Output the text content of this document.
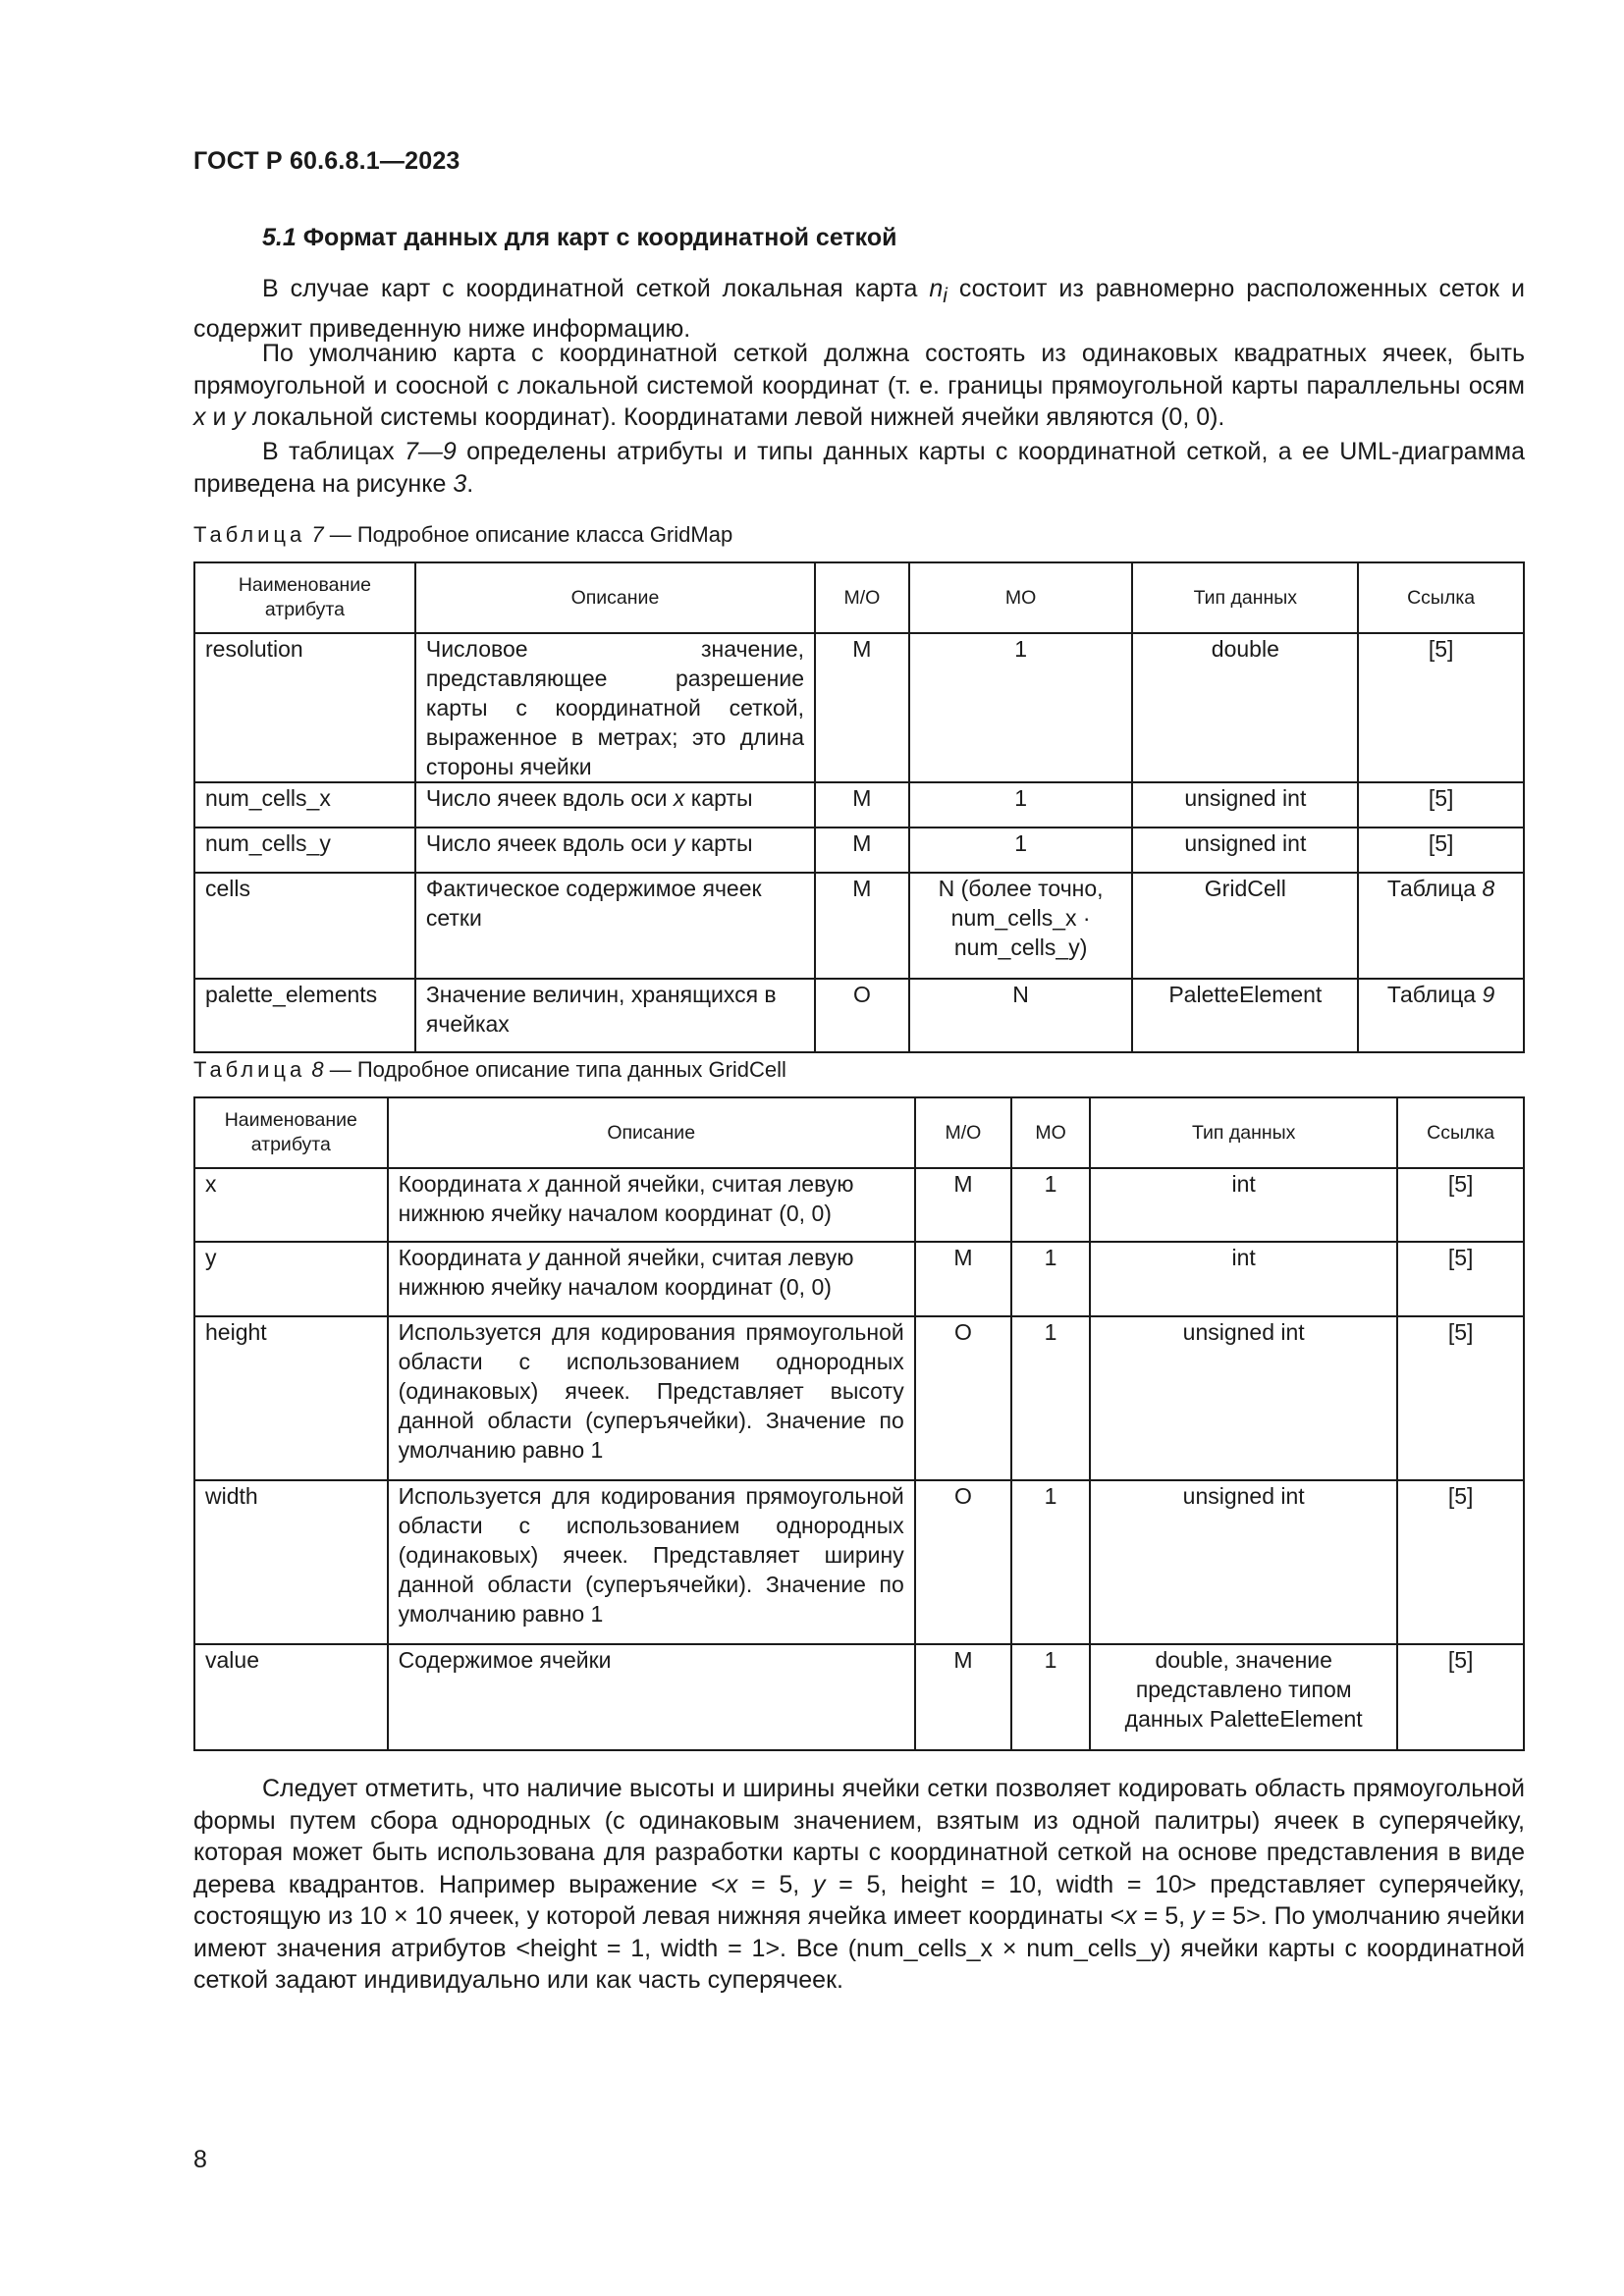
ГОСТ Р 60.6.8.1—2023
5.1 Формат данных для карт с координатной сеткой

В случае карт с координатной сеткой локальная карта $n_i$ состоит из равномерно расположенных сеток и содержит приведенную ниже информацию.

По умолчанию карта с координатной сеткой должна состоять из одинаковых квадратных ячеек, быть прямоугольной и соосной с локальной системой координат (т. е. границы прямоугольной карты параллельны осям x и y локальной системы координат). Координатами левой нижней ячейки являются (0, 0).

В таблицах 7—9 определены атрибуты и типы данных карты с координатной сеткой, а ее UML-диаграмма приведена на рисунке 3.

Таблица 7 — Подробное описание класса GridMap
Наименование атрибута	Описание	М/О	МО	Тип данных	Ссылка
resolution	Числовое значение, представляющее разрешение карты с координатной сеткой, выраженное в метрах; это длина стороны ячейки	M	1	double	[5]
num_cells_x	Число ячеек вдоль оси x карты	M	1	unsigned int	[5]
num_cells_y	Число ячеек вдоль оси y карты	M	1	unsigned int	[5]
cells	Фактическое содержимое ячеек сетки	M	N (более точно, num_cells_x · num_cells_y)	GridCell	Таблица 8
palette_elements	Значение величин, хранящихся в ячейках	O	N	PaletteElement	Таблица 9
Таблица 8 — Подробное описание типа данных GridCell
Наименование атрибута	Описание	М/О	МО	Тип данных	Ссылка
x	Координата x данной ячейки, считая левую нижнюю ячейку началом координат (0, 0)	M	1	int	[5]
y	Координата y данной ячейки, считая левую нижнюю ячейку началом координат (0, 0)	M	1	int	[5]
height	Используется для кодирования прямоугольной области с использованием однородных (одинаковых) ячеек. Представляет высоту данной области (суперъячейки). Значение по умолчанию равно 1	O	1	unsigned int	[5]
width	Используется для кодирования прямоугольной области с использованием однородных (одинаковых) ячеек. Представляет ширину данной области (суперъячейки). Значение по умолчанию равно 1	O	1	unsigned int	[5]
value	Содержимое ячейки	M	1	double, значение представлено типом данных PaletteElement	[5]

Следует отметить, что наличие высоты и ширины ячейки сетки позволяет кодировать область прямоугольной формы путем сбора однородных (с одинаковым значением, взятым из одной палитры) ячеек в суперячейку, которая может быть использована для разработки карты с координатной сеткой на основе представления в виде дерева квадрантов. Например выражение <x = 5, y = 5, height = 10, width = 10> представляет суперячейку, состоящую из 10 × 10 ячеек, у которой левая нижняя ячейка имеет координаты <x = 5, y = 5>. По умолчанию ячейки имеют значения атрибутов <height = 1, width = 1>. Все (num_cells_x × num_cells_y) ячейки карты с координатной сеткой задают индивидуально или как часть суперячеек.

8
